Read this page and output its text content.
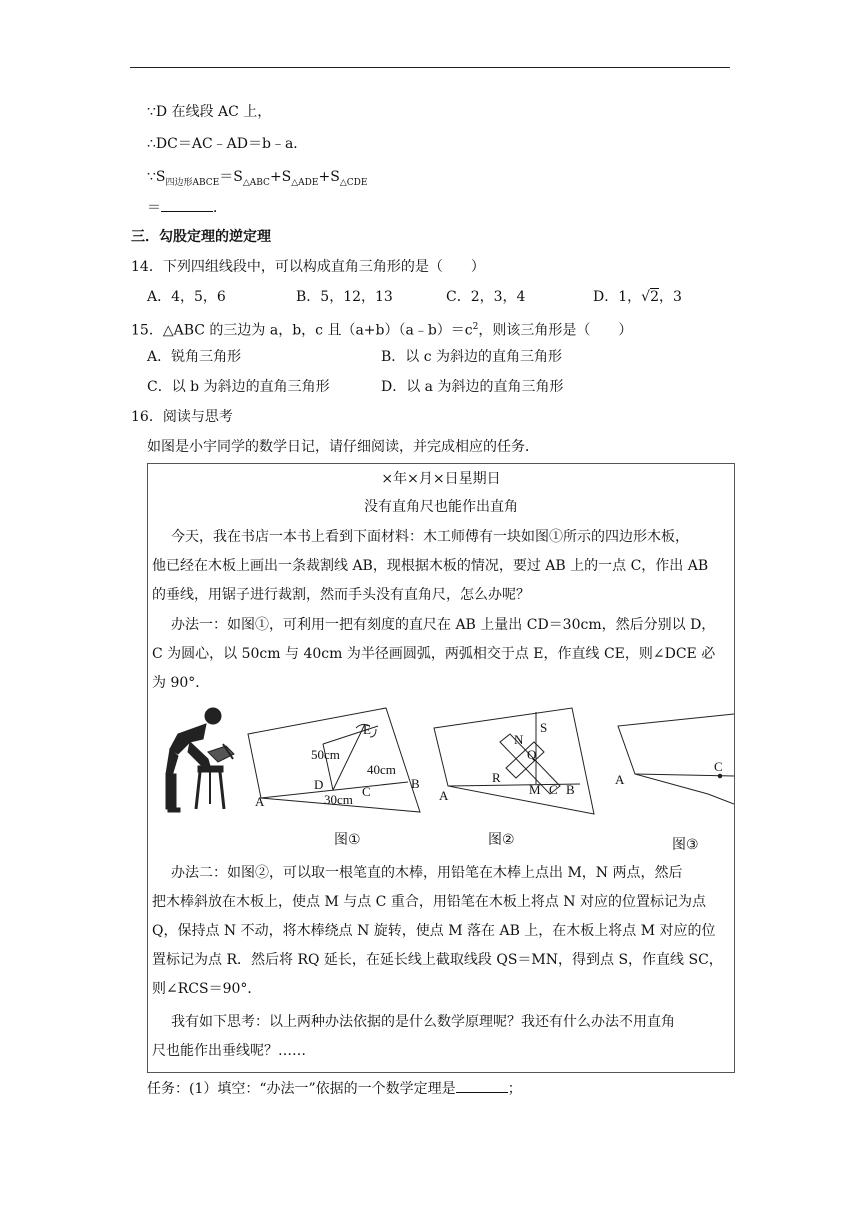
∵D 在线段 AC 上，
∴DC＝AC﹣AD＝b﹣a．
$\because S_{四边形ABCE}=S_{\triangle ABC}+S_{\triangle ADE}+S_{\triangle CDE}$
＝	．
三．勾股定理的逆定理
14．下列四组线段中，可以构成直角三角形的是（　　）
A．4，5，6	B．5，12，13	C．2，3，4	D．1，√2，3
15．△ABC 的三边为 a，b，c 且$(a+b)(a﹣b)=c^2$，则该三角形是（　　）
A．锐角三角形	B．以 c 为斜边的直角三角形
C．以 b 为斜边的直角三角形	D．以 a 为斜边的直角三角形
16．阅读与思考
如图是小宇同学的数学日记，请仔细阅读，并完成相应的任务．
×年×月×日星期日
没有直角尺也能作出直角
今天，我在书店一本书上看到下面材料：木工师傅有一块如图①所示的四边形木板，
他已经在木板上画出一条裁割线 AB，现根据木板的情况，要过 AB 上的一点 C，作出 AB
的垂线，用锯子进行裁割，然而手头没有直角尺，怎么办呢？
办法一：如图①，可利用一把有刻度的直尺在 AB 上量出 CD＝30cm，然后分别以 D，
C 为圆心，以 50cm 与 40cm 为半径画圆弧，两弧相交于点 E，作直线 CE，则∠DCE 必
为 90°．
A
B
C
D
E
50cm
40cm
30cm	A	B
C
M
N
Q
R
S
A
C
图①	图②	图③
办法二：如图②，可以取一根笔直的木棒，用铅笔在木棒上点出 M，N 两点，然后
把木棒斜放在木板上，使点 M 与点 C 重合，用铅笔在木板上将点 N 对应的位置标记为点
Q，保持点 N 不动，将木棒绕点 N 旋转，使点 M 落在 AB 上，在木板上将点 M 对应的位
置标记为点 R．然后将 RQ 延长，在延长线上截取线段 QS＝MN，得到点 S，作直线 SC，
则∠RCS＝90°．
我有如下思考：以上两种办法依据的是什么数学原理呢？我还有什么办法不用直角
尺也能作出垂线呢？……
任务：(1）填空：“办法一”依据的一个数学定理是	；
